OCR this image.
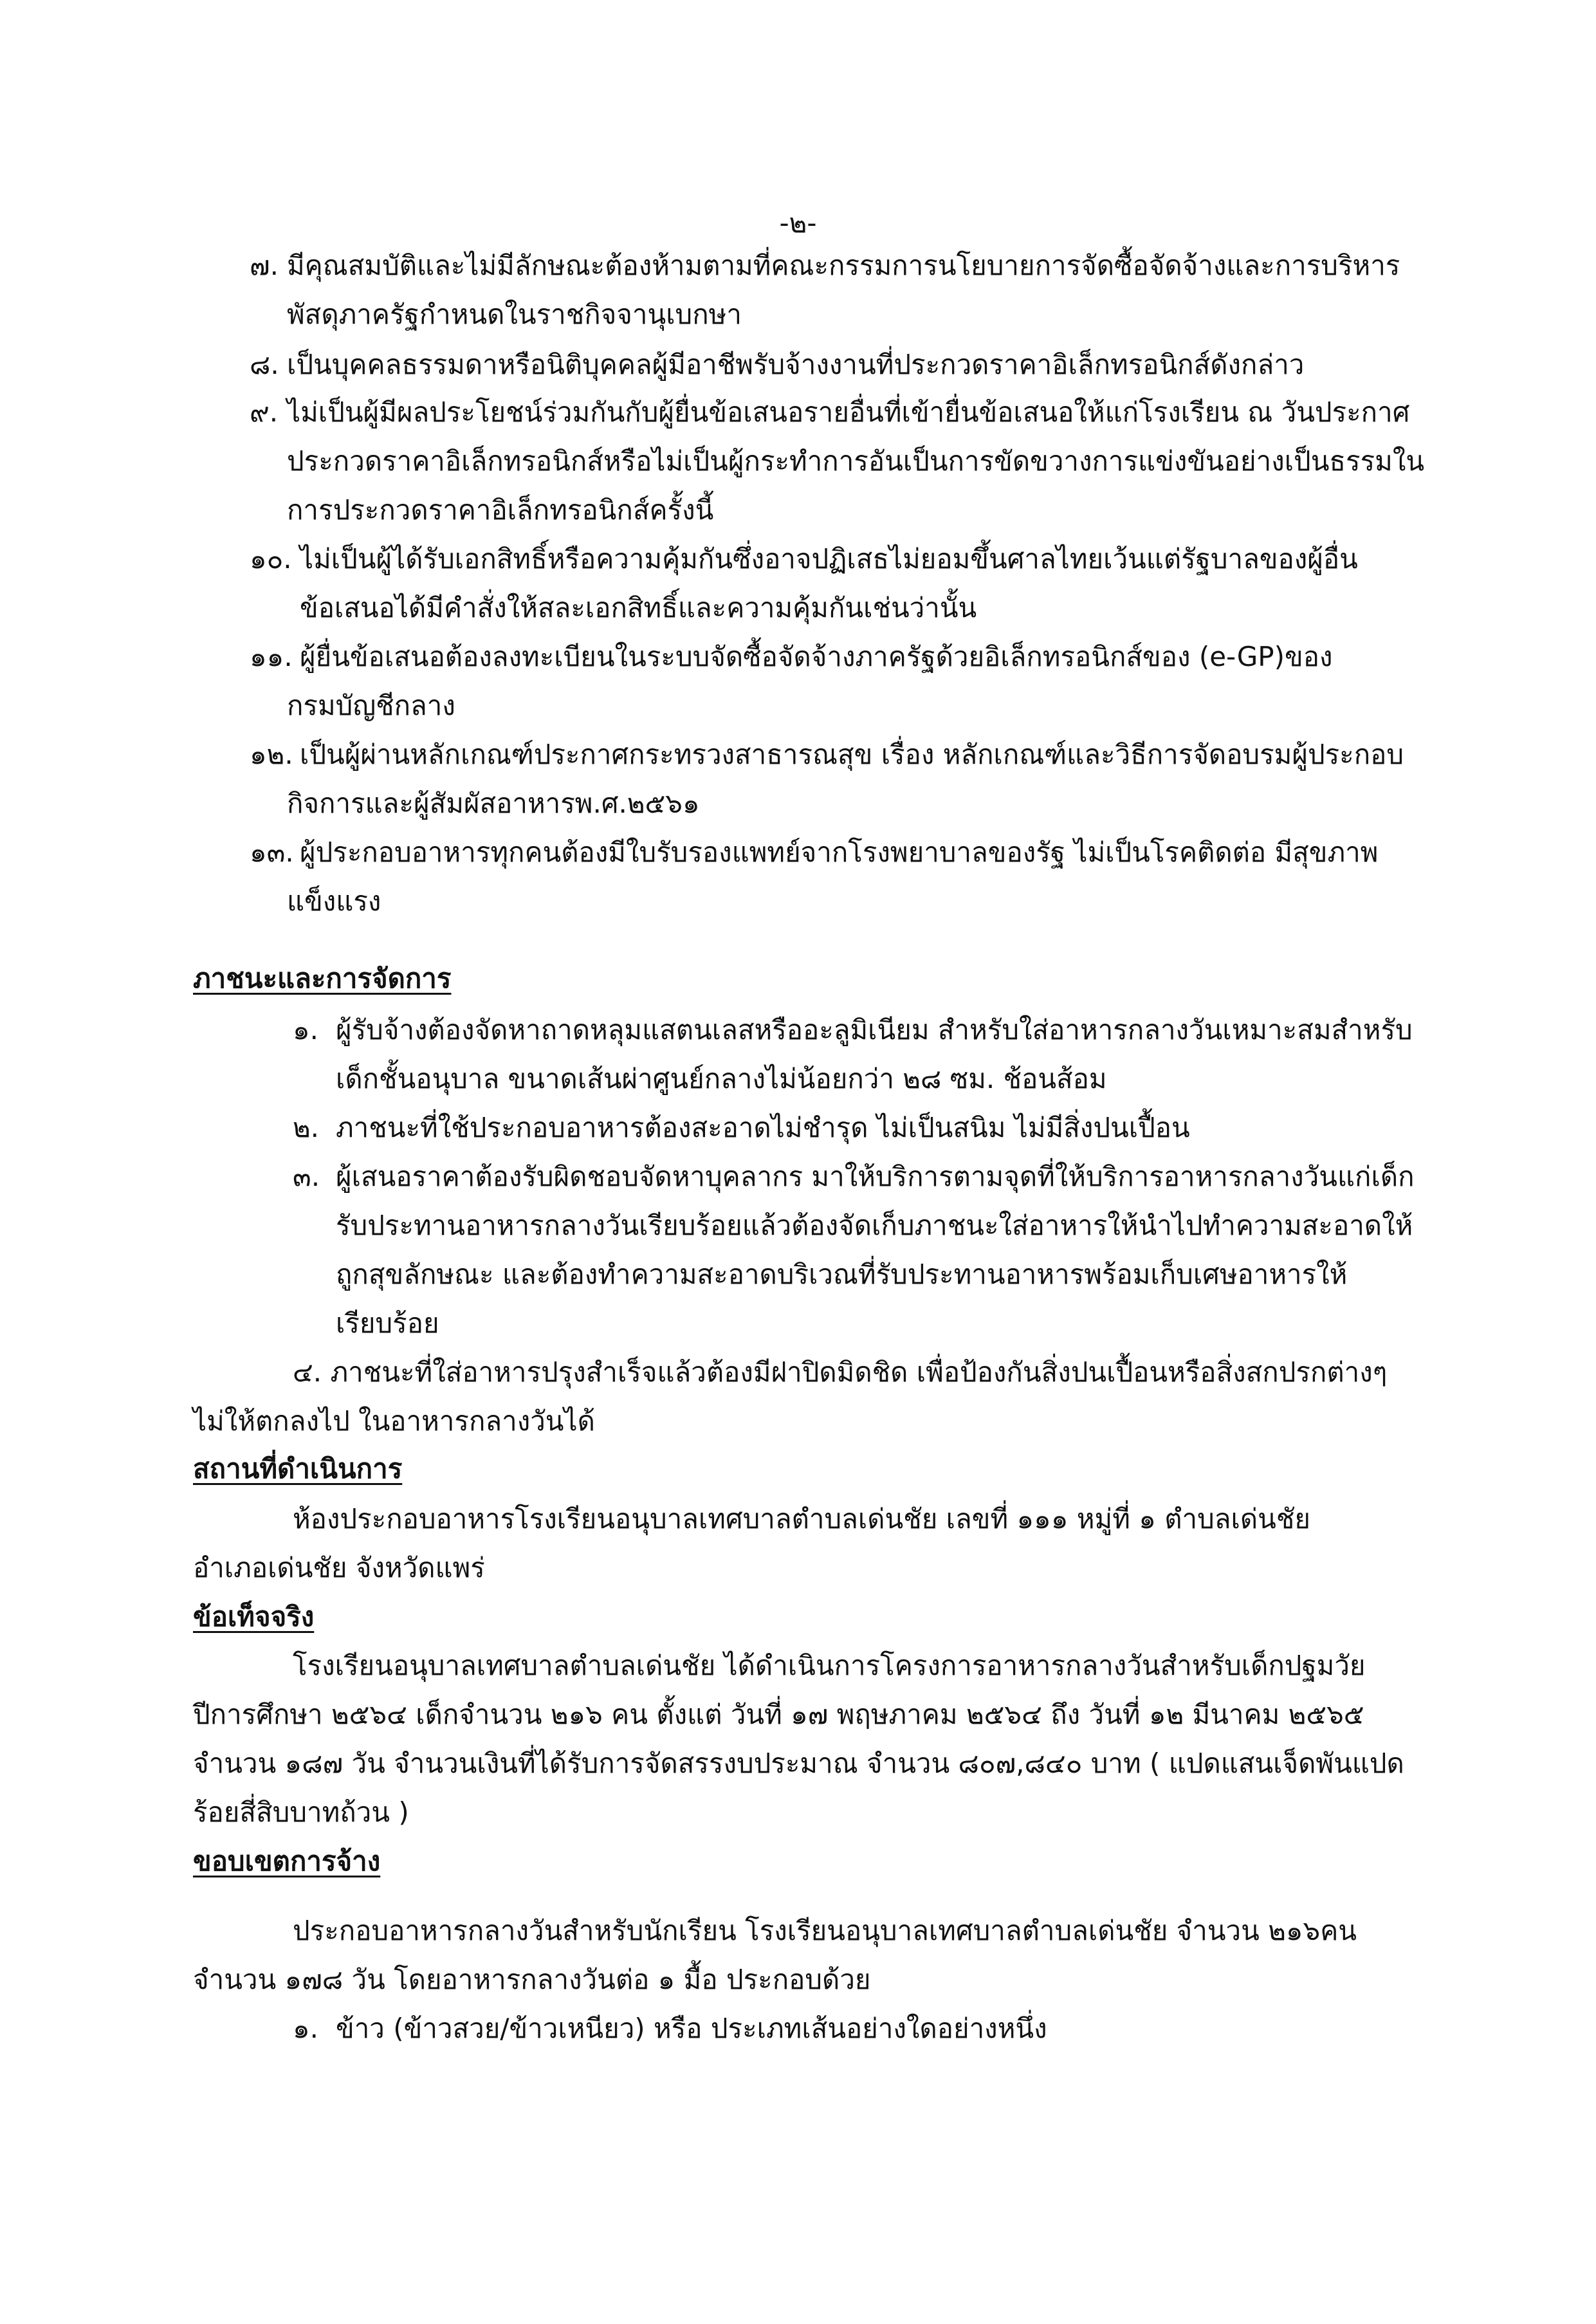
-๒-
๗. มีคุณสมบัติและไม่มีลักษณะต้องห้ามตามที่คณะกรรมการนโยบายการจัดซื้อจัดจ้างและการบริหาร
พัสดุภาครัฐกำหนดในราชกิจจานุเบกษา
๘. เป็นบุคคลธรรมดาหรือนิติบุคคลผู้มีอาชีพรับจ้างงานที่ประกวดราคาอิเล็กทรอนิกส์ดังกล่าว
๙. ไม่เป็นผู้มีผลประโยชน์ร่วมกันกับผู้ยื่นข้อเสนอรายอื่นที่เข้ายื่นข้อเสนอให้แก่โรงเรียน ณ วันประกาศ
ประกวดราคาอิเล็กทรอนิกส์หรือไม่เป็นผู้กระทำการอันเป็นการขัดขวางการแข่งขันอย่างเป็นธรรมใน
การประกวดราคาอิเล็กทรอนิกส์ครั้งนี้
๑๐. ไม่เป็นผู้ได้รับเอกสิทธิ์หรือความคุ้มกันซึ่งอาจปฏิเสธไม่ยอมขึ้นศาลไทยเว้นแต่รัฐบาลของผู้อื่น
ข้อเสนอได้มีคำสั่งให้สละเอกสิทธิ์และความคุ้มกันเช่นว่านั้น
๑๑. ผู้ยื่นข้อเสนอต้องลงทะเบียนในระบบจัดซื้อจัดจ้างภาครัฐด้วยอิเล็กทรอนิกส์ของ (e-GP)ของ
กรมบัญชีกลาง
๑๒. เป็นผู้ผ่านหลักเกณฑ์ประกาศกระทรวงสาธารณสุข เรื่อง หลักเกณฑ์และวิธีการจัดอบรมผู้ประกอบ
กิจการและผู้สัมผัสอาหารพ.ศ.๒๕๖๑
๑๓. ผู้ประกอบอาหารทุกคนต้องมีใบรับรองแพทย์จากโรงพยาบาลของรัฐ ไม่เป็นโรคติดต่อ มีสุขภาพ
แข็งแรง
ภาชนะและการจัดการ
๑. ผู้รับจ้างต้องจัดหาถาดหลุมแสตนเลสหรืออะลูมิเนียม สำหรับใส่อาหารกลางวันเหมาะสมสำหรับ
เด็กชั้นอนุบาล ขนาดเส้นผ่าศูนย์กลางไม่น้อยกว่า ๒๘ ซม. ช้อนส้อม
๒. ภาชนะที่ใช้ประกอบอาหารต้องสะอาดไม่ชำรุด ไม่เป็นสนิม ไม่มีสิ่งปนเปื้อน
๓. ผู้เสนอราคาต้องรับผิดชอบจัดหาบุคลากร มาให้บริการตามจุดที่ให้บริการอาหารกลางวันแก่เด็ก
รับประทานอาหารกลางวันเรียบร้อยแล้วต้องจัดเก็บภาชนะใส่อาหารให้นำไปทำความสะอาดให้
ถูกสุขลักษณะ และต้องทำความสะอาดบริเวณที่รับประทานอาหารพร้อมเก็บเศษอาหารให้
เรียบร้อย
๔. ภาชนะที่ใส่อาหารปรุงสำเร็จแล้วต้องมีฝาปิดมิดชิด เพื่อป้องกันสิ่งปนเปื้อนหรือสิ่งสกปรกต่างๆ
ไม่ให้ตกลงไป ในอาหารกลางวันได้
สถานที่ดำเนินการ
ห้องประกอบอาหารโรงเรียนอนุบาลเทศบาลตำบลเด่นชัย เลขที่ ๑๑๑ หมู่ที่ ๑ ตำบลเด่นชัย
อำเภอเด่นชัย จังหวัดแพร่
ข้อเท็จจริง
โรงเรียนอนุบาลเทศบาลตำบลเด่นชัย ได้ดำเนินการโครงการอาหารกลางวันสำหรับเด็กปฐมวัย
ปีการศึกษา ๒๕๖๔ เด็กจำนวน ๒๑๖ คน ตั้งแต่ วันที่ ๑๗ พฤษภาคม ๒๕๖๔ ถึง วันที่ ๑๒ มีนาคม ๒๕๖๕
จำนวน ๑๘๗ วัน จำนวนเงินที่ได้รับการจัดสรรงบประมาณ จำนวน ๘๐๗,๘๔๐ บาท ( แปดแสนเจ็ดพันแปด
ร้อยสี่สิบบาทถ้วน )
ขอบเขตการจ้าง
ประกอบอาหารกลางวันสำหรับนักเรียน โรงเรียนอนุบาลเทศบาลตำบลเด่นชัย จำนวน ๒๑๖คน
จำนวน ๑๗๘ วัน โดยอาหารกลางวันต่อ ๑ มื้อ ประกอบด้วย
๑. ข้าว (ข้าวสวย/ข้าวเหนียว) หรือ ประเภทเส้นอย่างใดอย่างหนึ่ง
